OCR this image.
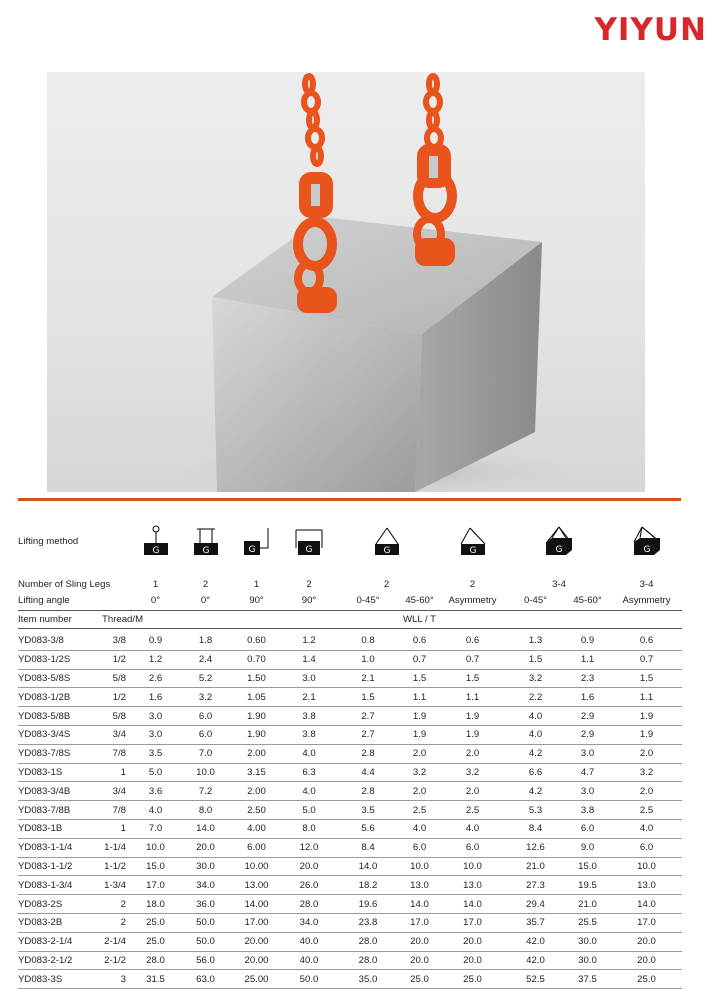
YIYUN
Lifting method		G	G	G	G	G		G	G		G

Number of Sling Legs		1	2	1	2	2		2	3-4		3-4
Lifting angle		0°	0°	90°	90°	0-45°	45-60°	Asymmetry	0-45°	45-60°	Asymmetry
Item number	Thread/M						WLL / T				

YD083-3/8	3/8	0.9	1.8	0.60	1.2	0.8	0.6	0.6	1.3	0.9	0.6
YD083-1/2S	1/2	1.2	2.4	0.70	1.4	1.0	0.7	0.7	1.5	1.1	0.7
YD083-5/8S	5/8	2.6	5.2	1.50	3.0	2.1	1.5	1.5	3.2	2.3	1.5
YD083-1/2B	1/2	1.6	3.2	1.05	2.1	1.5	1.1	1.1	2.2	1.6	1.1
YD083-5/8B	5/8	3.0	6.0	1.90	3.8	2.7	1.9	1.9	4.0	2.9	1.9
YD083-3/4S	3/4	3.0	6.0	1.90	3.8	2.7	1.9	1.9	4.0	2.9	1.9
YD083-7/8S	7/8	3.5	7.0	2.00	4.0	2.8	2.0	2.0	4.2	3.0	2.0
YD083-1S	1	5.0	10.0	3.15	6.3	4.4	3.2	3.2	6.6	4.7	3.2
YD083-3/4B	3/4	3.6	7.2	2.00	4.0	2.8	2.0	2.0	4.2	3.0	2.0
YD083-7/8B	7/8	4.0	8.0	2.50	5.0	3.5	2.5	2.5	5.3	3.8	2.5
YD083-1B	1	7.0	14.0	4.00	8.0	5.6	4.0	4.0	8.4	6.0	4.0
YD083-1-1/4	1-1/4	10.0	20.0	6.00	12.0	8.4	6.0	6.0	12.6	9.0	6.0
YD083-1-1/2	1-1/2	15.0	30.0	10.00	20.0	14.0	10.0	10.0	21.0	15.0	10.0
YD083-1-3/4	1-3/4	17.0	34.0	13.00	26.0	18.2	13.0	13.0	27.3	19.5	13.0
YD083-2S	2	18.0	36.0	14.00	28.0	19.6	14.0	14.0	29.4	21.0	14.0
YD083-2B	2	25.0	50.0	17.00	34.0	23.8	17.0	17.0	35.7	25.5	17.0
YD083-2-1/4	2-1/4	25.0	50.0	20.00	40.0	28.0	20.0	20.0	42.0	30.0	20.0
YD083-2-1/2	2-1/2	28.0	56.0	20.00	40.0	28.0	20.0	20.0	42.0	30.0	20.0
YD083-3S	3	31.5	63.0	25.00	50.0	35.0	25.0	25.0	52.5	37.5	25.0
